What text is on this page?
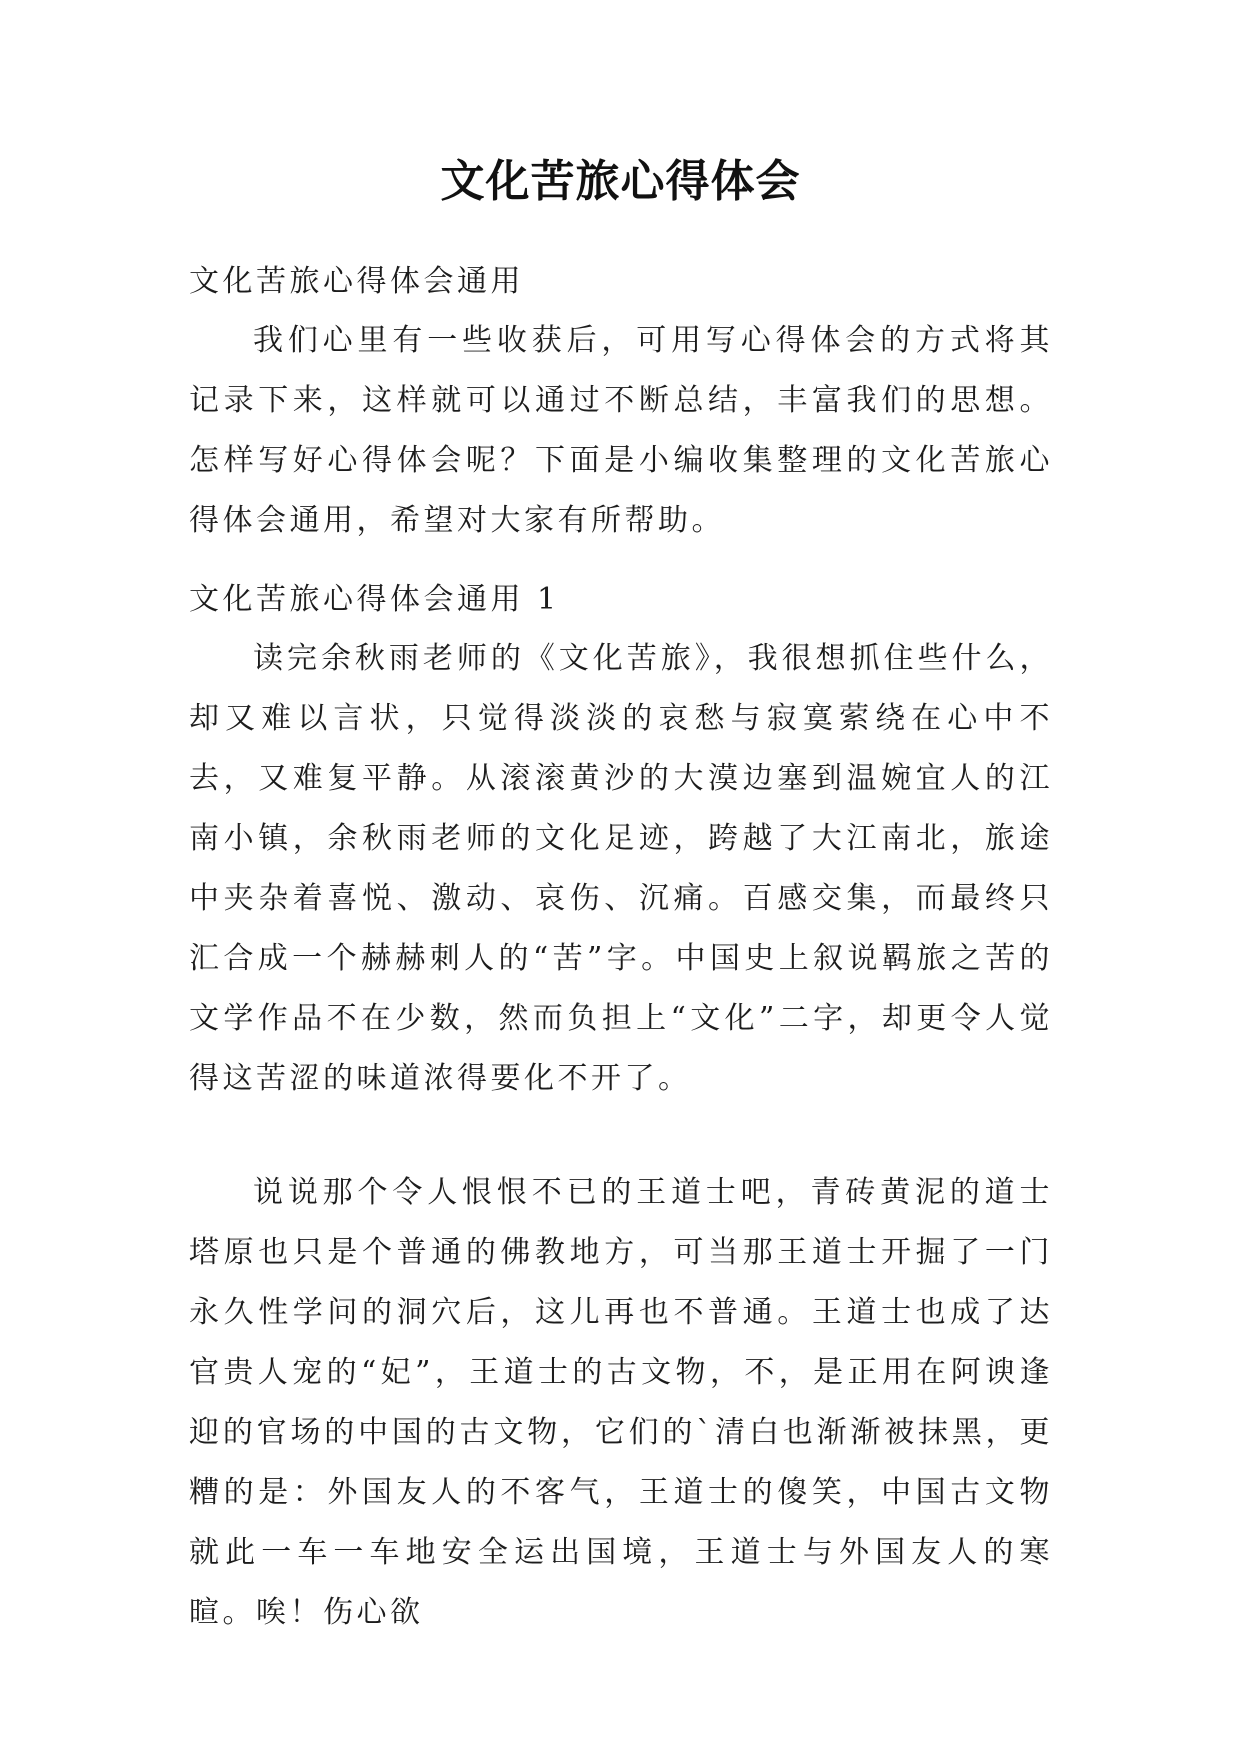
文化苦旅心得体会

文化苦旅心得体会通用

我们心里有一些收获后，可用写心得体会的方式将其记录下来，这样就可以通过不断总结，丰富我们的思想。怎样写好心得体会呢？下面是小编收集整理的文化苦旅心得体会通用，希望对大家有所帮助。

文化苦旅心得体会通用 1

读完余秋雨老师的《文化苦旅》，我很想抓住些什么，却又难以言状，只觉得淡淡的哀愁与寂寞萦绕在心中不去，又难复平静。从滚滚黄沙的大漠边塞到温婉宜人的江南小镇，余秋雨老师的文化足迹，跨越了大江南北，旅途中夹杂着喜悦、激动、哀伤、沉痛。百感交集，而最终只汇合成一个赫赫刺人的“苦”字。中国史上叙说羁旅之苦的文学作品不在少数，然而负担上“文化”二字，却更令人觉得这苦涩的味道浓得要化不开了。

说说那个令人恨恨不已的王道士吧，青砖黄泥的道士塔原也只是个普通的佛教地方，可当那王道士开掘了一门永久性学问的洞穴后，这儿再也不普通。王道士也成了达官贵人宠的“妃”，王道士的古文物，不，是正用在阿谀逢迎的官场的中国的古文物，它们的`清白也渐渐被抹黑，更糟的是：外国友人的不客气，王道士的傻笑，中国古文物就此一车一车地安全运出国境，王道士与外国友人的寒暄。唉！伤心欲
